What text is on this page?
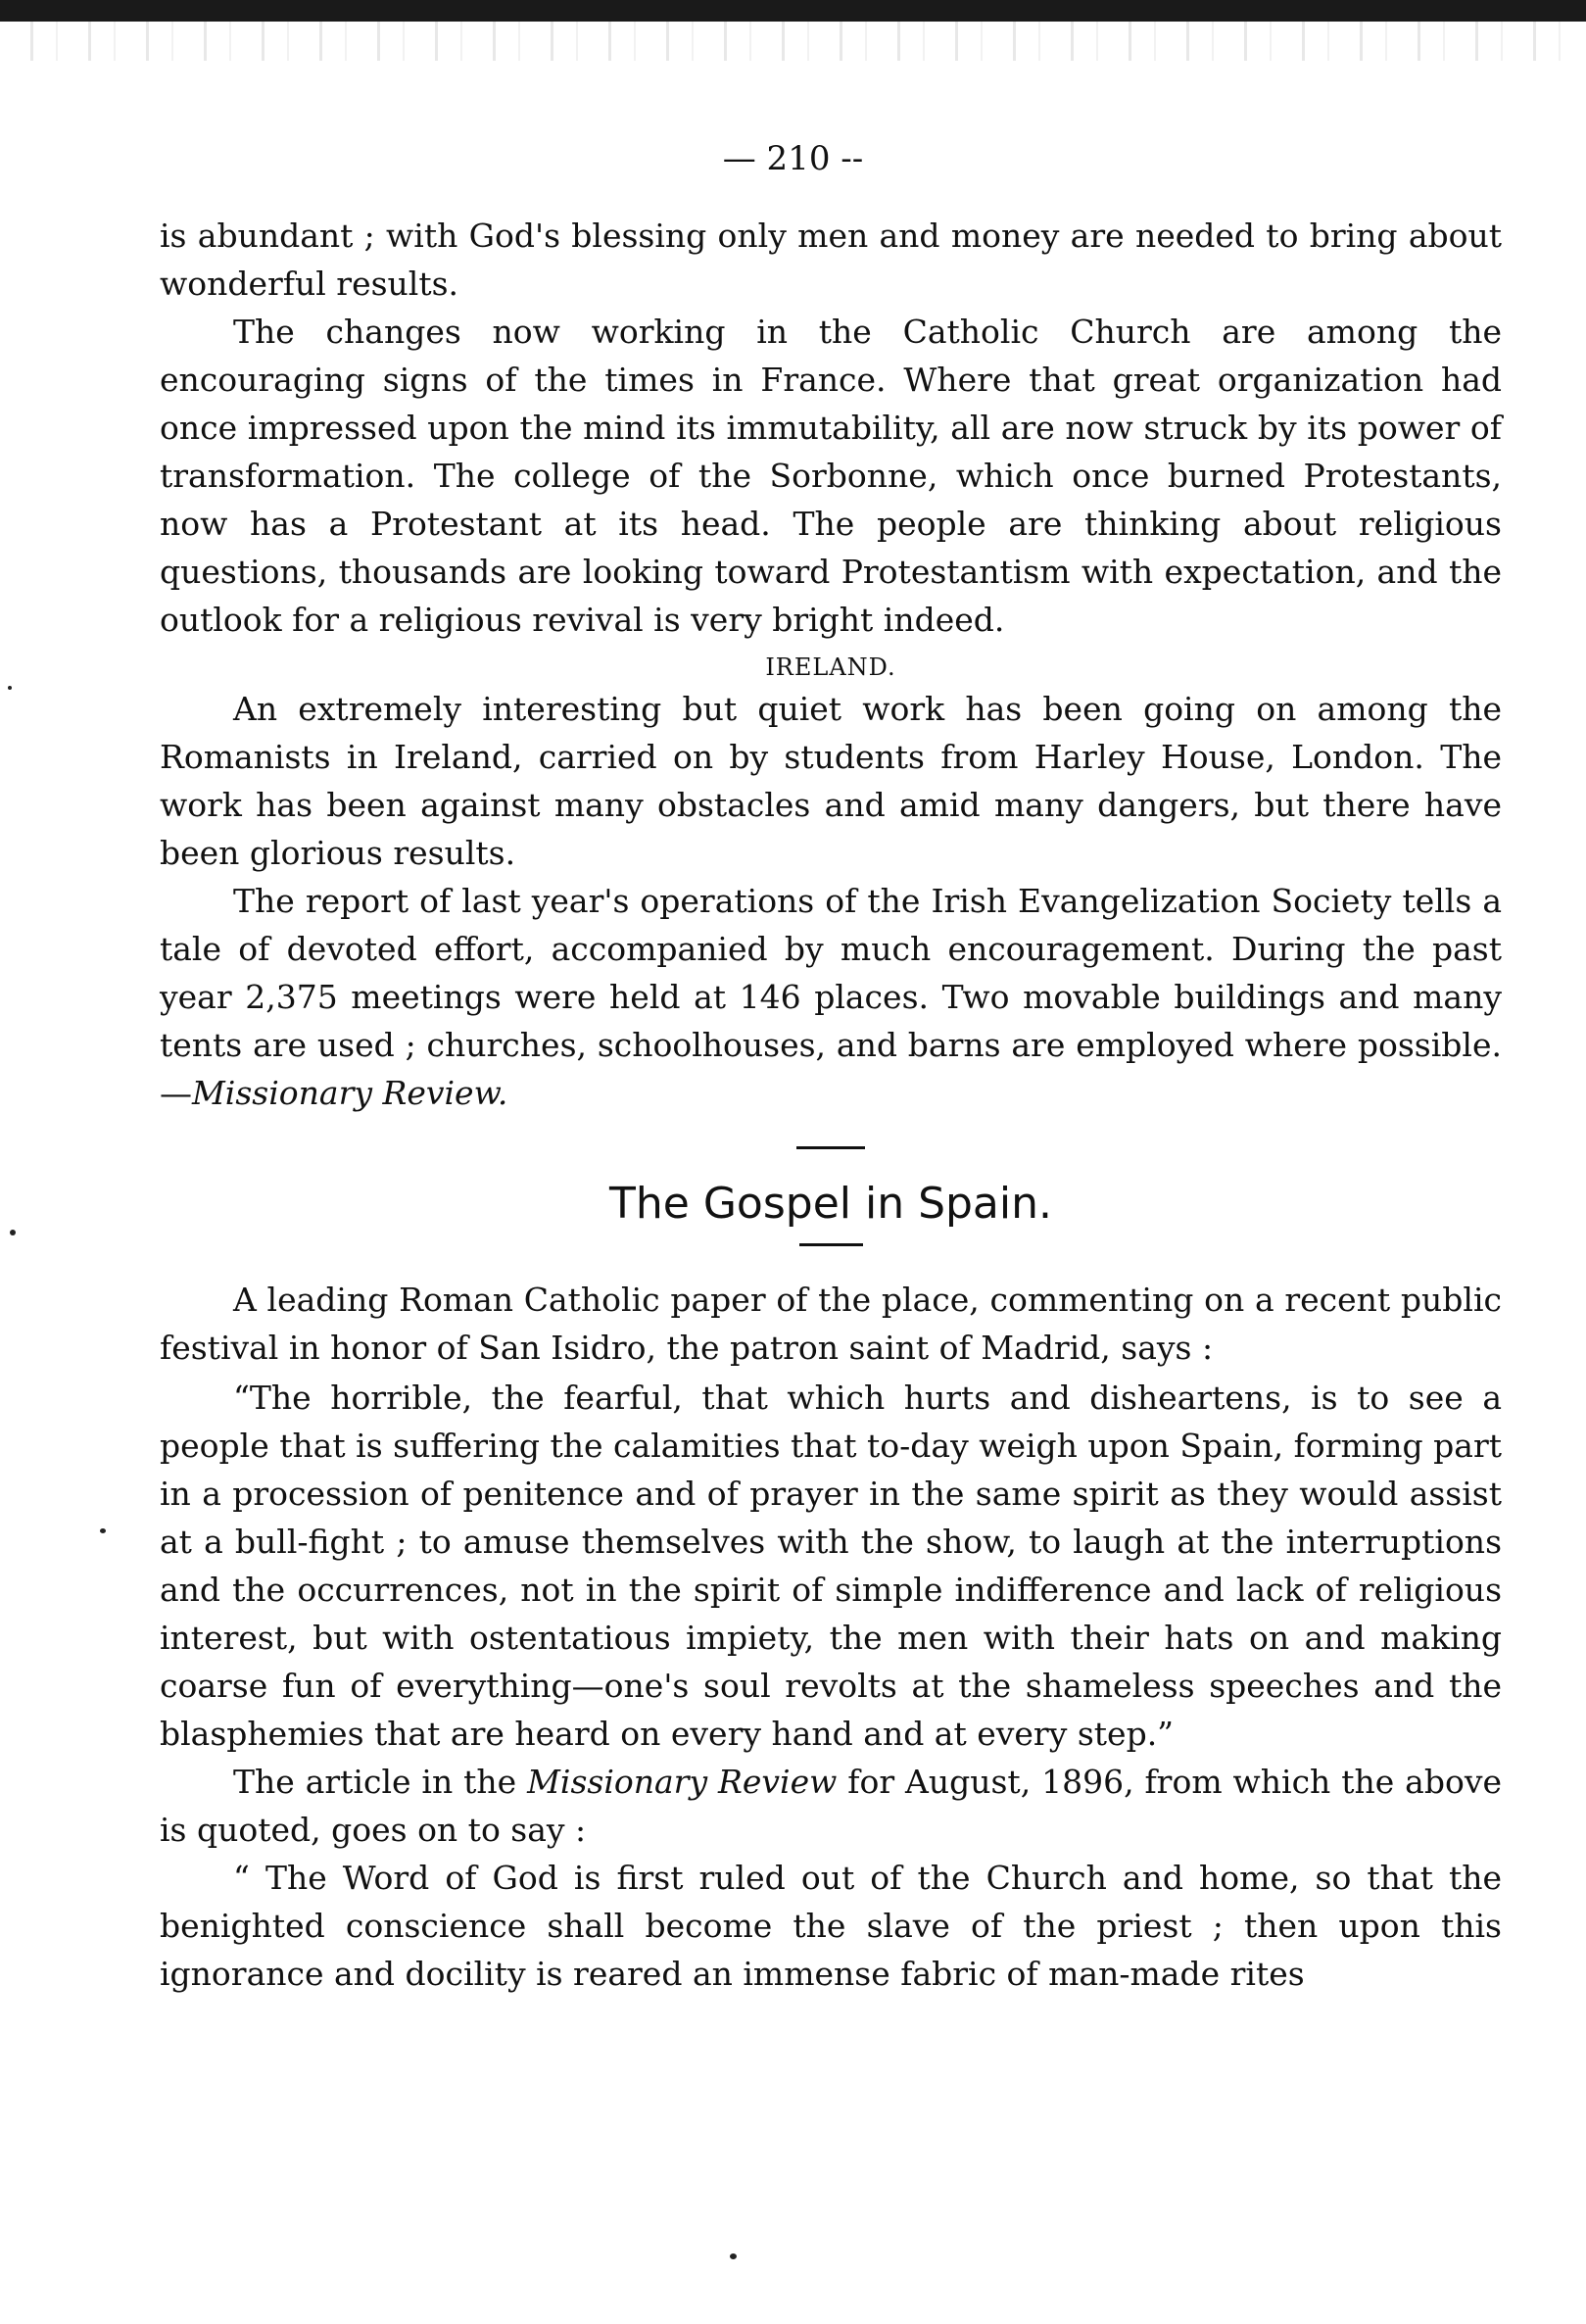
— 210 --

is abundant ; with God's blessing only men and money are needed to bring about wonderful results.

The changes now working in the Catholic Church are among the encouraging signs of the times in France. Where that great organization had once impressed upon the mind its immutability, all are now struck by its power of transformation. The college of the Sorbonne, which once burned Protestants, now has a Protestant at its head. The people are thinking about religious questions, thousands are looking toward Protestantism with expectation, and the outlook for a religious revival is very bright indeed.

IRELAND.

An extremely interesting but quiet work has been going on among the Romanists in Ireland, carried on by students from Harley House, London. The work has been against many obstacles and amid many dangers, but there have been glorious results.

The report of last year's operations of the Irish Evangelization Society tells a tale of devoted effort, accompanied by much encouragement. During the past year 2,375 meetings were held at 146 places. Two movable buildings and many tents are used ; churches, schoolhouses, and barns are employed where possible.—Missionary Review.

The Gospel in Spain.

A leading Roman Catholic paper of the place, commenting on a recent public festival in honor of San Isidro, the patron saint of Madrid, says :

“The horrible, the fearful, that which hurts and disheartens, is to see a people that is suffering the calamities that to-day weigh upon Spain, forming part in a procession of penitence and of prayer in the same spirit as they would assist at a bull-fight ; to amuse themselves with the show, to laugh at the interruptions and the occurrences, not in the spirit of simple indifference and lack of religious interest, but with ostentatious impiety, the men with their hats on and making coarse fun of everything—one's soul revolts at the shameless speeches and the blasphemies that are heard on every hand and at every step.”

The article in the Missionary Review for August, 1896, from which the above is quoted, goes on to say :

“ The Word of God is first ruled out of the Church and home, so that the benighted conscience shall become the slave of the priest ; then upon this ignorance and docility is reared an immense fabric of man-made rites
